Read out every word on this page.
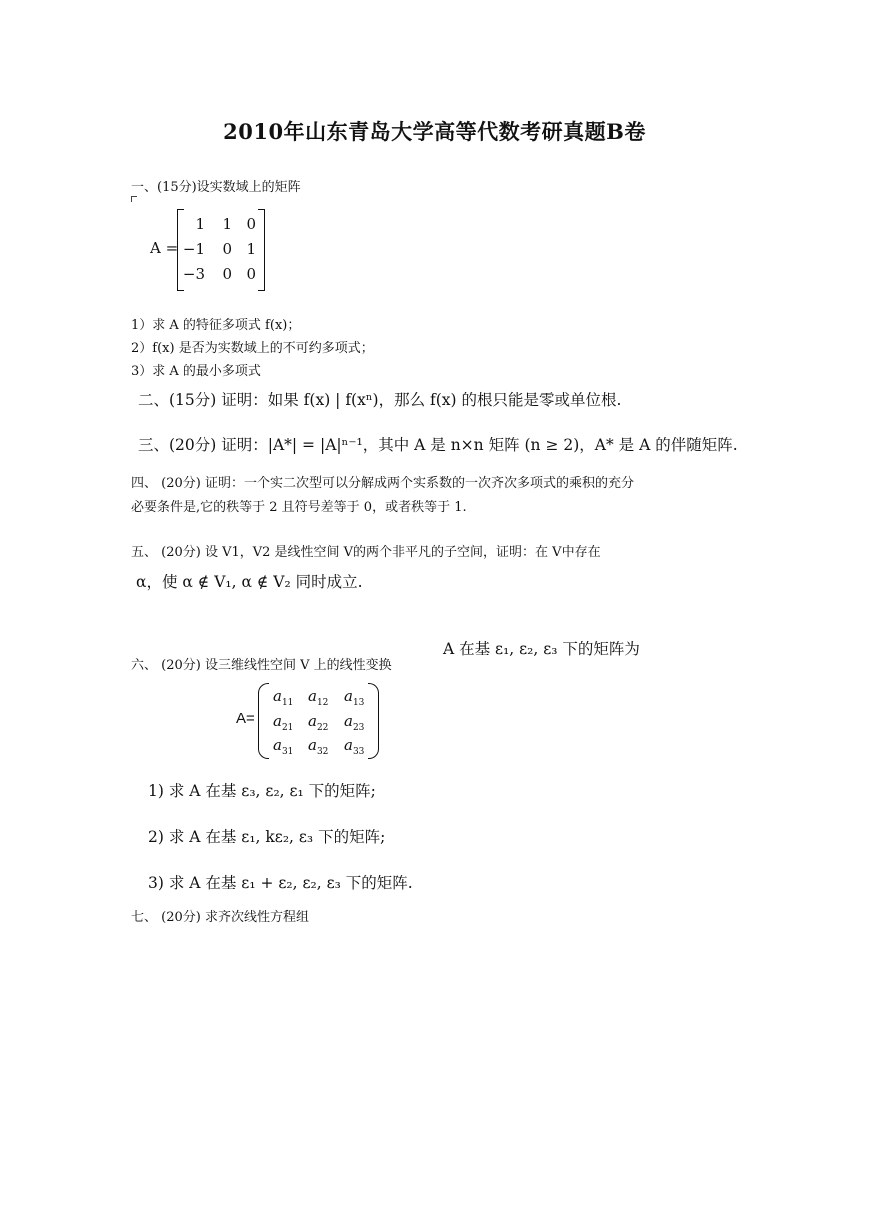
2010年山东青岛大学高等代数考研真题B卷
一、(15分)设实数域上的矩阵
A =
1	1 0
−1	0 1
−3	0 0
1）求 A 的特征多项式 f(x)；
2）f(x) 是否为实数域上的不可约多项式；
3）求 A 的最小多项式
二、(15分) 证明：如果 f(x) | f(xⁿ)，那么 f(x) 的根只能是零或单位根.
三、(20分) 证明：|A*| = |A|ⁿ⁻¹，其中 A 是 n×n 矩阵 (n ≥ 2)，A* 是 A 的伴随矩阵.
四、 (20分) 证明：一个实二次型可以分解成两个实系数的一次齐次多项式的乘积的充分
必要条件是,它的秩等于 2 且符号差等于 0，或者秩等于 1.
五、 (20分) 设 V1，V2 是线性空间 V的两个非平凡的子空间，证明：在 V中存在
α，使 α ∉ V₁, α ∉ V₂ 同时成立.
六、 (20分) 设三维线性空间 V 上的线性变换
A 在基 ε₁, ε₂, ε₃ 下的矩阵为
A=
$a_{11}$ $a_{12}$ $a_{13}$
$a_{21}$ $a_{22}$ $a_{23}$
$a_{31}$ $a_{32}$ $a_{33}$
1) 求 A 在基 ε₃, ε₂, ε₁ 下的矩阵;
2) 求 A 在基 ε₁, kε₂, ε₃ 下的矩阵;
3) 求 A 在基 ε₁ + ε₂, ε₂, ε₃ 下的矩阵.
七、 (20分) 求齐次线性方程组
